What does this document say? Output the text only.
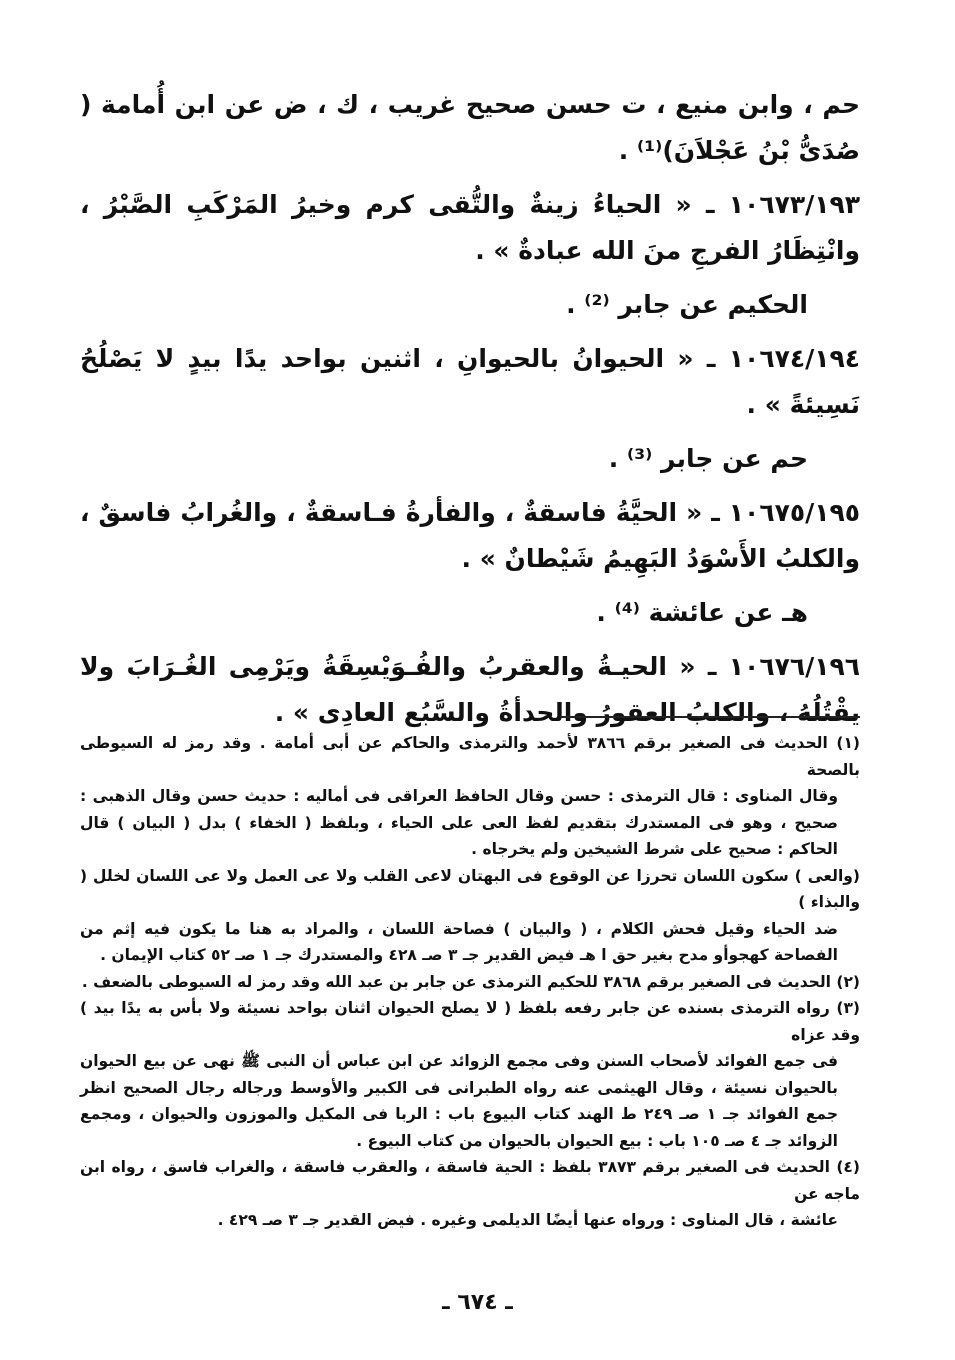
حم ، وابن منيع ، ت حسن صحيح غريب ، ك ، ض عن ابن أُمامة ( صُدَىُّ بْنُ عَجْلاَنَ)⁽¹⁾ .

١٠٦٧٣/١٩٣ ـ « الحياءُ زينةٌ والتُّقى كرم وخيرُ المَرْكَبِ الصَّبْرُ ، وانْتِظَارُ الفرجِ منَ الله عبادةٌ » .

الحكيم عن جابر ⁽²⁾ .

١٠٦٧٤/١٩٤ ـ « الحيوانُ بالحيوانِ ، اثنين بواحد يدًا بيدٍ لا يَصْلُحُ نَسِيئةً » .

حم عن جابر ⁽³⁾ .

١٠٦٧٥/١٩٥ ـ « الحيَّةُ فاسقةٌ ، والفأرةُ فـاسقةٌ ، والغُرابُ فاسقٌ ، والكلبُ الأَسْوَدُ البَهِيمُ شَيْطانٌ » .

هـ عن عائشة ⁽⁴⁾ .

١٠٦٧٦/١٩٦ ـ « الحيـةُ والعقربُ والفُـوَيْسِقَةُ ويَرْمِى الغُـرَابَ ولا يقْتُلُهُ ، والكلبُ العقورُ والحدأةُ والسَّبُع العادِى » .

(١) الحديث فى الصغير برقم ٣٨٦٦ لأحمد والترمذى والحاكم عن أبى أمامة . وقد رمز له السيوطى بالصحة

وقال المناوى : قال الترمذى : حسن وقال الحافظ العراقى فى أماليه : حديث حسن وقال الذهبى : صحيح ، وهو فى المستدرك بتقديم لفظ العى على الحياء ، وبلفظ ( الخفاء ) بدل ( البيان ) قال الحاكم : صحيح على شرط الشيخين ولم يخرجاه .

(والعى ) سكون اللسان تحرزا عن الوقوع فى البهتان لاعى القلب ولا عى العمل ولا عى اللسان لخلل ( والبذاء )

ضد الحياء وقيل فحش الكلام ، ( والبيان ) فصاحة اللسان ، والمراد به هنا ما يكون فيه إثم من الفصاحة كهجوأو مدح بغير حق ا هـ فيض القدير جـ ٣ صـ ٤٢٨ والمستدرك جـ ١ صـ ٥٢ كتاب الإيمان .

(٢) الحديث فى الصغير برقم ٣٨٦٨ للحكيم الترمذى عن جابر بن عبد الله وقد رمز له السيوطى بالضعف .

(٣) رواه الترمذى بسنده عن جابر رفعه بلفظ ( لا يصلح الحيوان اثنان بواحد نسيئة ولا بأس به يدًا بيد ) وقد عزاه

فى جمع الفوائد لأصحاب السنن وفى مجمع الزوائد عن ابن عباس أن النبى ﷺ نهى عن بيع الحيوان بالحيوان نسيئة ، وقال الهيثمى عنه رواه الطبرانى فى الكبير والأوسط ورجاله رجال الصحيح انظر جمع الفوائد جـ ١ صـ ٢٤٩ ط الهند كتاب البيوع باب : الربا فى المكيل والموزون والحيوان ، ومجمع الزوائد جـ ٤ صـ ١٠٥ باب : بيع الحيوان بالحيوان من كتاب البيوع .

(٤) الحديث فى الصغير برقم ٣٨٧٣ بلفظ : الحية فاسقة ، والعقرب فاسقة ، والغراب فاسق ، رواه ابن ماجه عن

عائشة ، قال المناوى : ورواه عنها أيضًا الديلمى وغيره . فيض القدير جـ ٣ صـ ٤٢٩ .

ـ ٦٧٤ ـ
